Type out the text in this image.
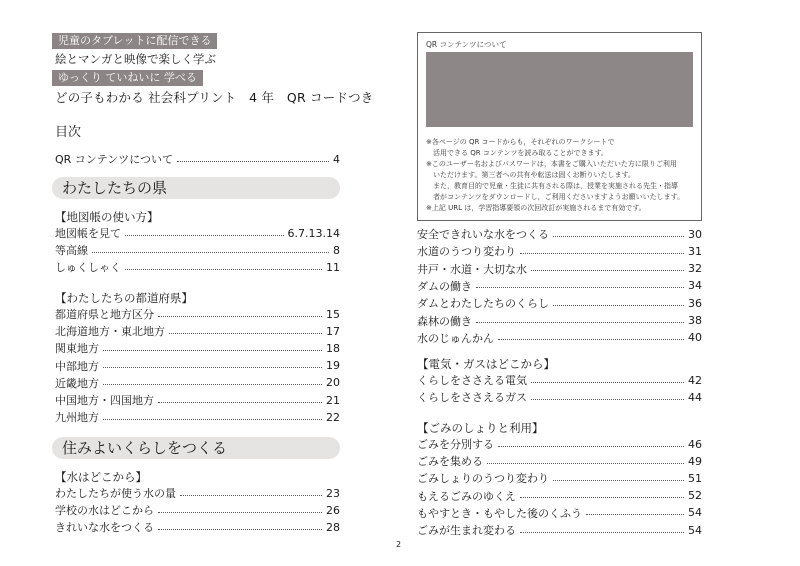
児童のタブレットに配信できる
絵とマンガと映像で楽しく学ぶ
ゆっくり ていねいに 学べる
どの子もわかる 社会科プリント　4 年　QR コードつき
目次
QR コンテンツについて	4
わたしたちの県
【地図帳の使い方】
地図帳を見て	6.7.13.14
等高線	8
しゅくしゃく	11
【わたしたちの都道府県】
都道府県と地方区分	15
北海道地方・東北地方	17
関東地方	18
中部地方	19
近畿地方	20
中国地方・四国地方	21
九州地方	22
住みよいくらしをつくる
【水はどこから】
わたしたちが使う水の量	23
学校の水はどこから	26
きれいな水をつくる	28
QR コンテンツについて
※各ページの QR コードからも，それぞれのワークシートで
　活用できる QR コンテンツを読み取ることができます。
※このユーザー名およびパスワードは，本書をご購入いただいた方に限りご利用
　いただけます。第三者への共有や転送は固くお断りいたします。
　また，教育目的で児童・生徒に共有される際は，授業を実施される先生・指導
　者がコンテンツをダウンロードし，ご利用くださいますようお願いいたします。
※上記 URL は，学習指導要領の次回改訂が実施されるまで有効です。
安全できれいな水をつくる	30
水道のうつり変わり	31
井戸・水道・大切な水	32
ダムの働き	34
ダムとわたしたちのくらし	36
森林の働き	38
水のじゅんかん	40
【電気・ガスはどこから】
くらしをささえる電気	42
くらしをささえるガス	44
【ごみのしょりと利用】
ごみを分別する	46
ごみを集める	49
ごみしょりのうつり変わり	51
もえるごみのゆくえ	52
もやすとき・もやした後のくふう	54
ごみが生まれ変わる	54
2
